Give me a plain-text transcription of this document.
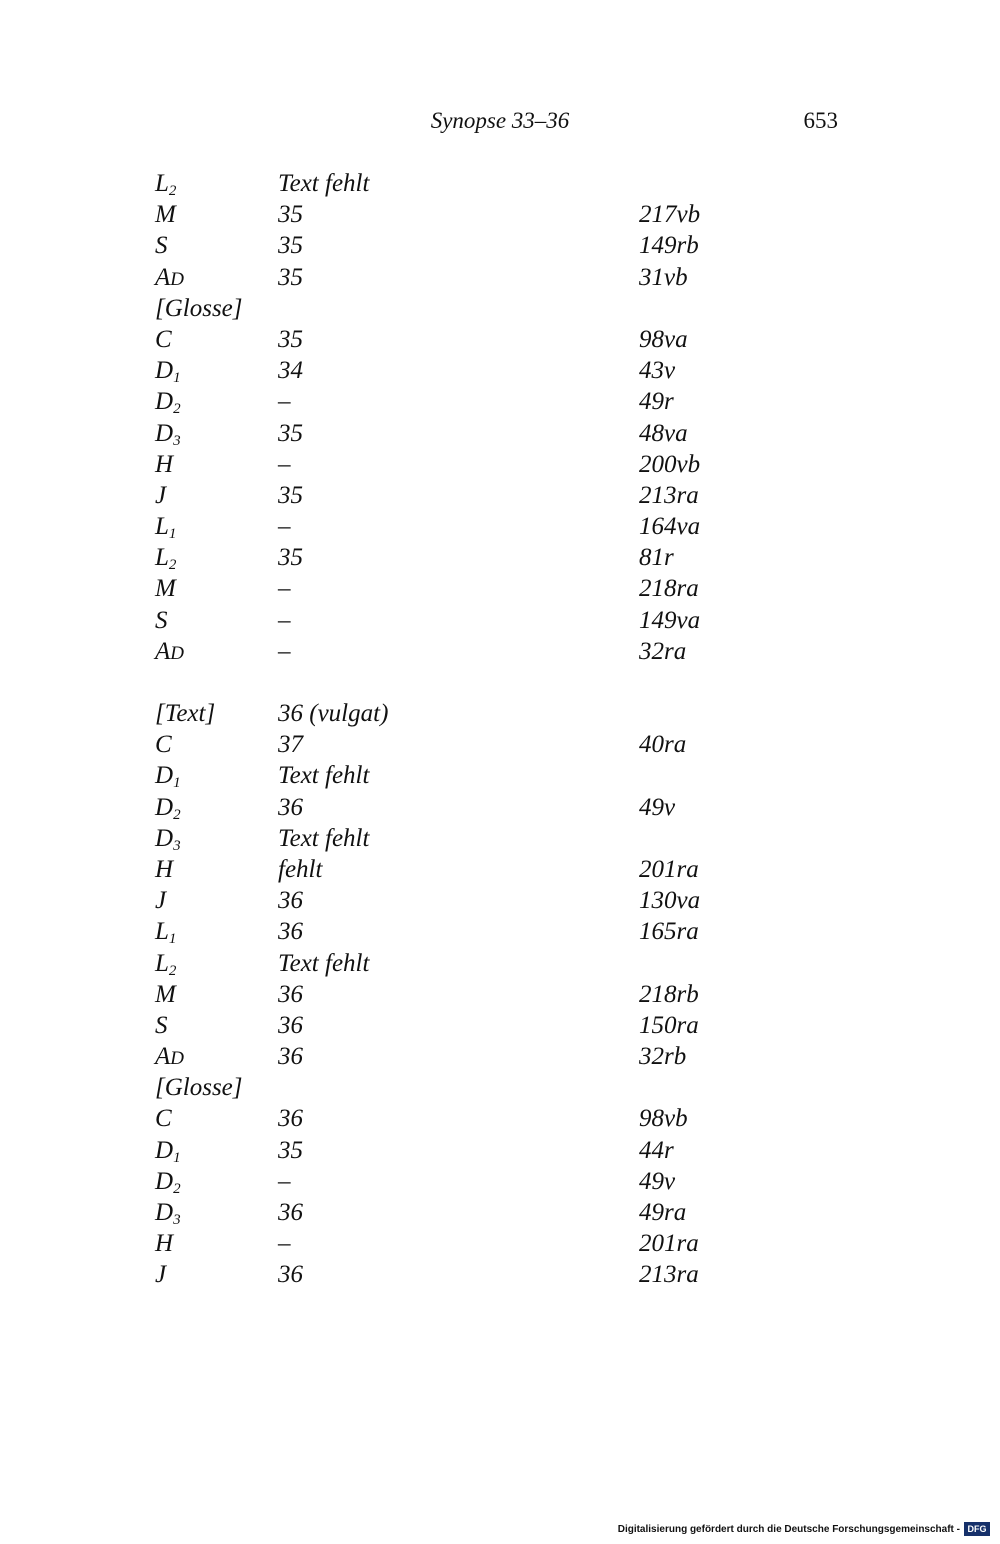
Synopse 33–36	653
$L_2$	Text fehlt
M	35	217vb
S	35	149rb
AD	35	31vb
[Glosse]
C	35	98va
$D_1$	34	43v
$D_2$	–	49r
$D_3$	35	48va
H	–	200vb
J	35	213ra
$L_1$	–	164va
$L_2$	35	81r
M	–	218ra
S	–	149va
AD	–	32ra
[Text]	36 (vulgat)
C	37	40ra
$D_1$	Text fehlt
$D_2$	36	49v
$D_3$	Text fehlt
H	fehlt	201ra
J	36	130va
$L_1$	36	165ra
$L_2$	Text fehlt
M	36	218rb
S	36	150ra
AD	36	32rb
[Glosse]
C	36	98vb
$D_1$	35	44r
$D_2$	–	49v
$D_3$	36	49ra
H	–	201ra
J	36	213ra
Digitalisierung gefördert durch die Deutsche Forschungsgemeinschaft - DFG
